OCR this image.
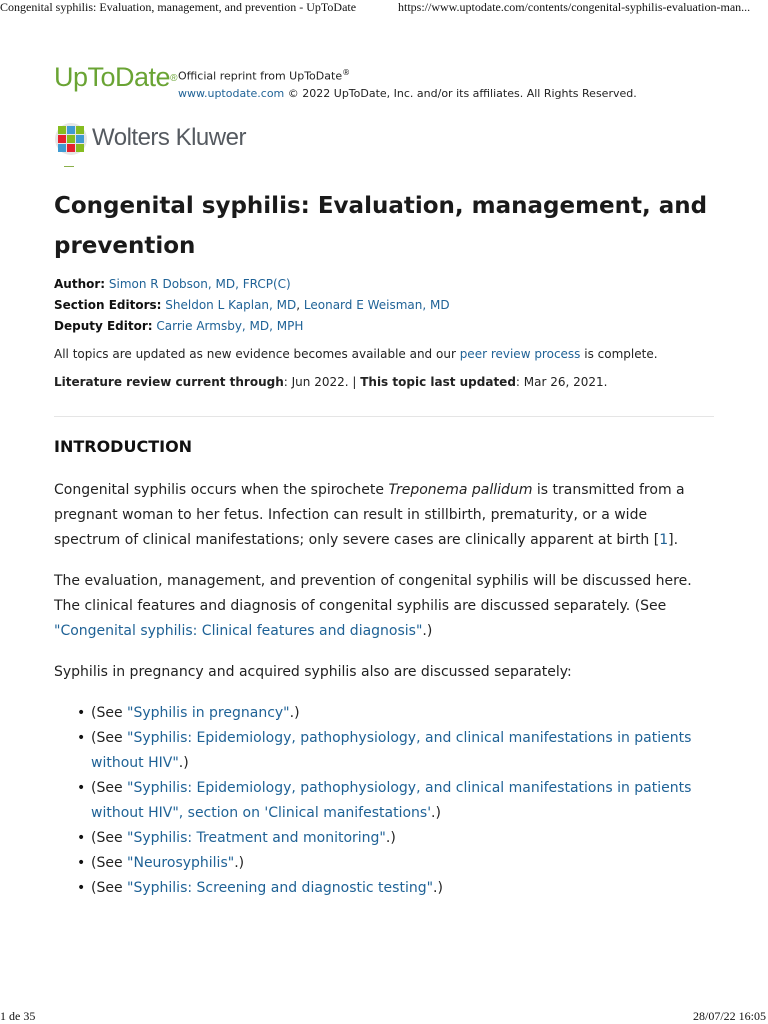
Congenital syphilis: Evaluation, management, and prevention - UpToDate	https://www.uptodate.com/contents/congenital-syphilis-evaluation-man...
UpToDate® Official reprint from UpToDate®
www.uptodate.com © 2022 UpToDate, Inc. and/or its affiliates. All Rights Reserved.
Wolters Kluwer
Congenital syphilis: Evaluation, management, and prevention
Author: Simon R Dobson, MD, FRCP(C)
Section Editors: Sheldon L Kaplan, MD, Leonard E Weisman, MD
Deputy Editor: Carrie Armsby, MD, MPH
All topics are updated as new evidence becomes available and our peer review process is complete.
Literature review current through: Jun 2022. | This topic last updated: Mar 26, 2021.
INTRODUCTION

Congenital syphilis occurs when the spirochete Treponema pallidum is transmitted from a pregnant woman to her fetus. Infection can result in stillbirth, prematurity, or a wide spectrum of clinical manifestations; only severe cases are clinically apparent at birth [1].

The evaluation, management, and prevention of congenital syphilis will be discussed here. The clinical features and diagnosis of congenital syphilis are discussed separately. (See "Congenital syphilis: Clinical features and diagnosis".)

Syphilis in pregnancy and acquired syphilis also are discussed separately:

• (See "Syphilis in pregnancy".)
• (See "Syphilis: Epidemiology, pathophysiology, and clinical manifestations in patients without HIV".)
• (See "Syphilis: Epidemiology, pathophysiology, and clinical manifestations in patients without HIV", section on 'Clinical manifestations'.)
• (See "Syphilis: Treatment and monitoring".)
• (See "Neurosyphilis".)
• (See "Syphilis: Screening and diagnostic testing".)
1 de 35	28/07/22 16:05
